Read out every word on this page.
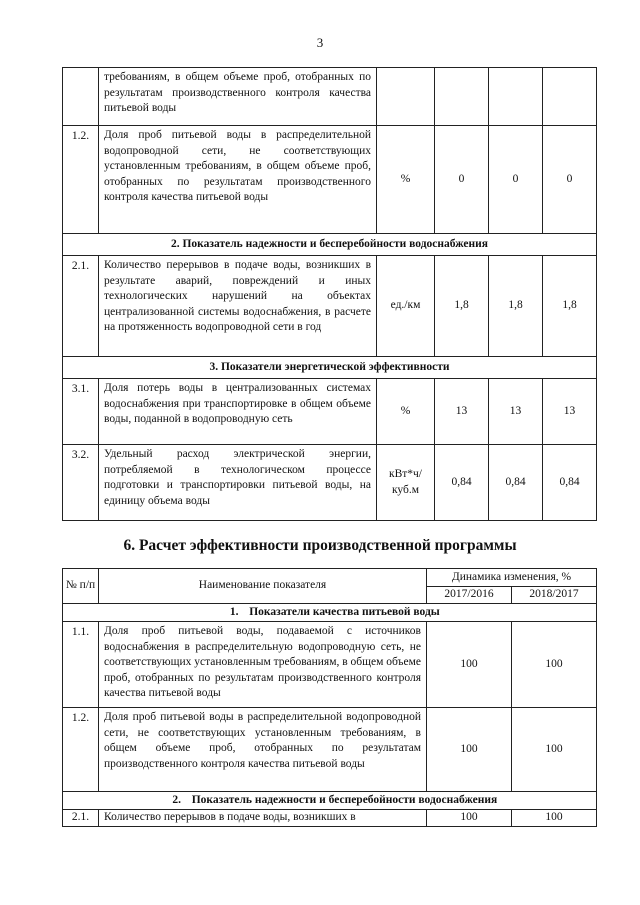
3
	требованиям, в общем объеме проб, отобранных по результатам производственного контроля качества питьевой воды				
1.2.	Доля проб питьевой воды в распределительной водопроводной сети, не соответствующих установленным требованиям, в общем объеме проб, отобранных по результатам производственного контроля качества питьевой воды	%	0	0	0
2. Показатель надежности и бесперебойности водоснабжения					
2.1.	Количество перерывов в подаче воды, возникших в результате аварий, повреждений и иных технологических нарушений на объектах централизованной системы водоснабжения, в расчете на протяженность водопроводной сети в год	ед./км	1,8	1,8	1,8
3. Показатели энергетической эффективности					
3.1.	Доля потерь воды в централизованных системах водоснабжения при транспортировке в общем объеме воды, поданной в водопроводную сеть	%	13	13	13
3.2.	Удельный расход электрической энергии, потребляемой в технологическом процессе подготовки и транспортировки питьевой воды, на единицу объема воды	кВт*ч/ куб.м	0,84	0,84	0,84
6. Расчет эффективности производственной программы
№ п/п	Наименование показателя	Динамика изменения, %	
		2017/2016	2018/2017
1. Показатели качества питьевой воды			
1.1.	Доля проб питьевой воды, подаваемой с источников водоснабжения в распределительную водопроводную сеть, не соответствующих установленным требованиям, в общем объеме проб, отобранных по результатам производственного контроля качества питьевой воды	100	100
1.2.	Доля проб питьевой воды в распределительной водопроводной сети, не соответствующих установленным требованиям, в общем объеме проб, отобранных по результатам производственного контроля качества питьевой воды	100	100
2. Показатель надежности и бесперебойности водоснабжения			
2.1.	Количество перерывов в подаче воды, возникших в	100	100
